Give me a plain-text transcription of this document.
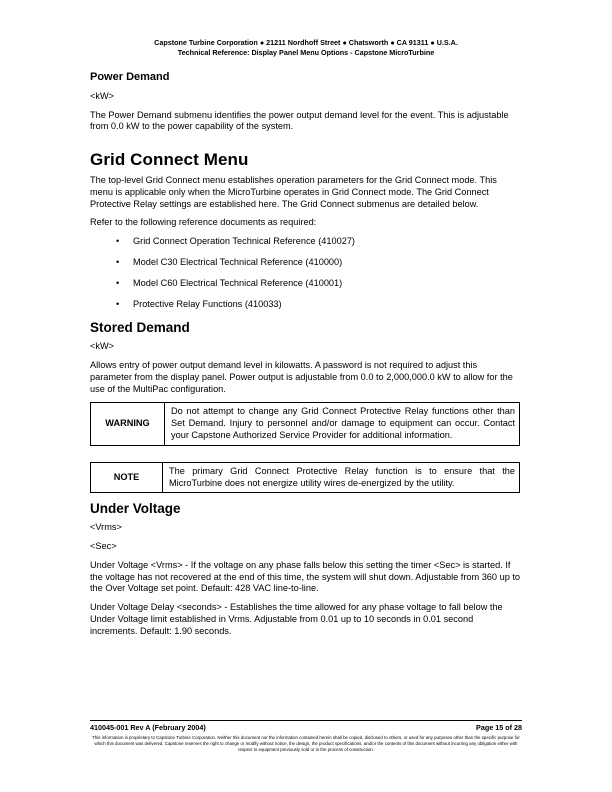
Capstone Turbine Corporation ● 21211 Nordhoff Street ● Chatsworth ● CA 91311 ● U.S.A.
Technical Reference: Display Panel Menu Options - Capstone MicroTurbine
Power Demand

<kW>

The Power Demand submenu identifies the power output demand level for the event. This is adjustable from 0.0 kW to the power capability of the system.

Grid Connect Menu

The top-level Grid Connect menu establishes operation parameters for the Grid Connect mode. This menu is applicable only when the MicroTurbine operates in Grid Connect mode. The Grid Connect Protective Relay settings are established here. The Grid Connect submenus are detailed below.

Refer to the following reference documents as required:

• Grid Connect Operation Technical Reference (410027)
• Model C30 Electrical Technical Reference (410000)
• Model C60 Electrical Technical Reference (410001)
• Protective Relay Functions (410033)
Stored Demand

<kW>

Allows entry of power output demand level in kilowatts. A password is not required to adjust this parameter from the display panel. Power output is adjustable from 0.0 to 2,000,000.0 kW to allow for the use of the MultiPac configuration.

WARNING	Do not attempt to change any Grid Connect Protective Relay functions other than Set Demand. Injury to personnel and/or damage to equipment can occur. Contact your Capstone Authorized Service Provider for additional information.
NOTE	The primary Grid Connect Protective Relay function is to ensure that the MicroTurbine does not energize utility wires de-energized by the utility.
Under Voltage

<Vrms>

<Sec>

Under Voltage <Vrms> - If the voltage on any phase falls below this setting the timer <Sec> is started. If the voltage has not recovered at the end of this time, the system will shut down. Adjustable from 360 up to the Over Voltage set point. Default: 428 VAC line-to-line.

Under Voltage Delay <seconds> - Establishes the time allowed for any phase voltage to fall below the Under Voltage limit established in Vrms. Adjustable from 0.01 up to 10 seconds in 0.01 second increments. Default: 1.90 seconds.

410045-001 Rev A (February 2004)	Page 15 of 28
This information is proprietary to Capstone Turbine Corporation. Neither this document nor the information contained herein shall be copied, disclosed to others, or used for any purposes other than the specific purpose for which this document was delivered. Capstone reserves the right to change or modify without notice, the design, the product specifications, and/or the contents of this document without incurring any obligation either with respect to equipment previously sold or in the process of construction.
